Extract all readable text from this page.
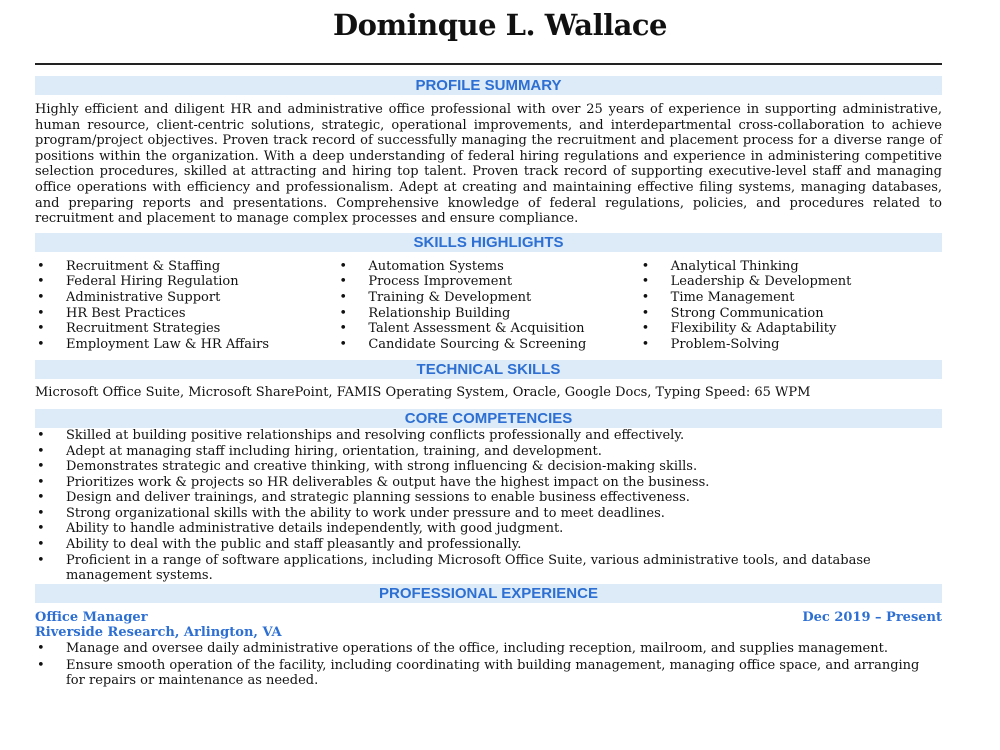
Dominque L. Wallace
PROFILE SUMMARY
Highly efficient and diligent HR and administrative office professional with over 25 years of experience in supporting administrative, human resource, client-centric solutions, strategic, operational improvements, and interdepartmental cross-collaboration to achieve program/project objectives. Proven track record of successfully managing the recruitment and placement process for a diverse range of positions within the organization. With a deep understanding of federal hiring regulations and experience in administering competitive selection procedures, skilled at attracting and hiring top talent. Proven track record of supporting executive-level staff and managing office operations with efficiency and professionalism. Adept at creating and maintaining effective filing systems, managing databases, and preparing reports and presentations. Comprehensive knowledge of federal regulations, policies, and procedures related to recruitment and placement to manage complex processes and ensure compliance.
SKILLS HIGHLIGHTS
• Recruitment & Staffing
• Federal Hiring Regulation
• Administrative Support
• HR Best Practices
• Recruitment Strategies
• Employment Law & HR Affairs
• Automation Systems
• Process Improvement
• Training & Development
• Relationship Building
• Talent Assessment & Acquisition
• Candidate Sourcing & Screening
• Analytical Thinking
• Leadership & Development
• Time Management
• Strong Communication
• Flexibility & Adaptability
• Problem-Solving
TECHNICAL SKILLS
Microsoft Office Suite, Microsoft SharePoint, FAMIS Operating System, Oracle, Google Docs, Typing Speed: 65 WPM
CORE COMPETENCIES
• Skilled at building positive relationships and resolving conflicts professionally and effectively.
• Adept at managing staff including hiring, orientation, training, and development.
• Demonstrates strategic and creative thinking, with strong influencing & decision-making skills.
• Prioritizes work & projects so HR deliverables & output have the highest impact on the business.
• Design and deliver trainings, and strategic planning sessions to enable business effectiveness.
• Strong organizational skills with the ability to work under pressure and to meet deadlines.
• Ability to handle administrative details independently, with good judgment.
• Ability to deal with the public and staff pleasantly and professionally.
• Proficient in a range of software applications, including Microsoft Office Suite, various administrative tools, and database management systems.
PROFESSIONAL EXPERIENCE
Office Manager	Dec 2019 – Present
Riverside Research, Arlington, VA
• Manage and oversee daily administrative operations of the office, including reception, mailroom, and supplies management.
• Ensure smooth operation of the facility, including coordinating with building management, managing office space, and arranging for repairs or maintenance as needed.
